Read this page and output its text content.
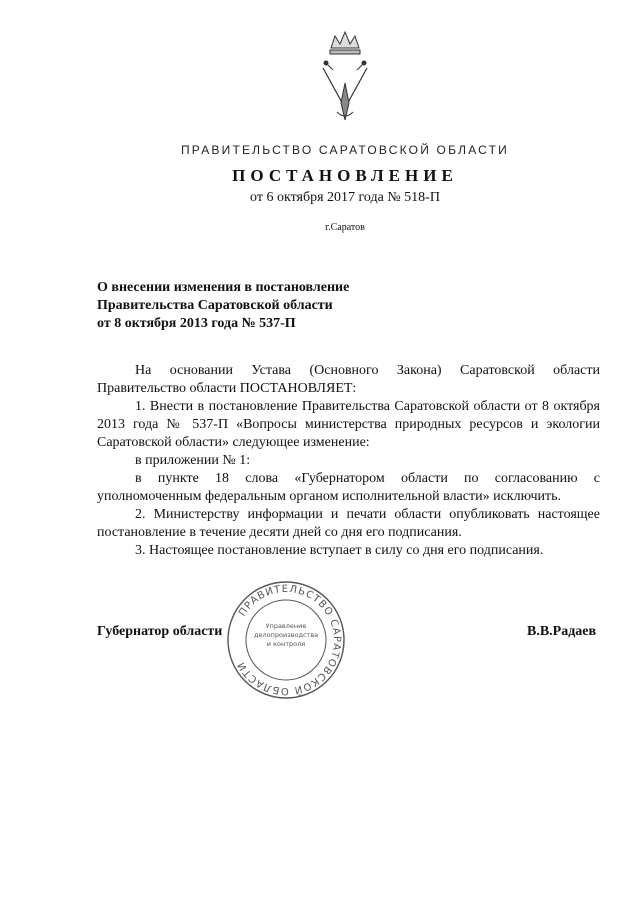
ПРАВИТЕЛЬСТВО САРАТОВСКОЙ ОБЛАСТИ
ПОСТАНОВЛЕНИЕ
от 6 октября 2017 года № 518-П
г.Саратов
О внесении изменения в постановление
Правительства Саратовской области
от 8 октября 2013 года № 537-П

На основании Устава (Основного Закона) Саратовской области Правительство области ПОСТАНОВЛЯЕТ:

1. Внести в постановление Правительства Саратовской области от 8 октября 2013 года № 537-П «Вопросы министерства природных ресурсов и экологии Саратовской области» следующее изменение:

в приложении № 1:

в пункте 18 слова «Губернатором области по согласованию с уполномоченным федеральным органом исполнительной власти» исключить.

2. Министерству информации и печати области опубликовать настоящее постановление в течение десяти дней со дня его подписания.

3. Настоящее постановление вступает в силу со дня его подписания.

ПРАВИТЕЛЬСТВО САРАТОВСКОЙ ОБЛАСТИ
Управление делопроизводства и контроля
Губернатор области	В.В.Радаев
